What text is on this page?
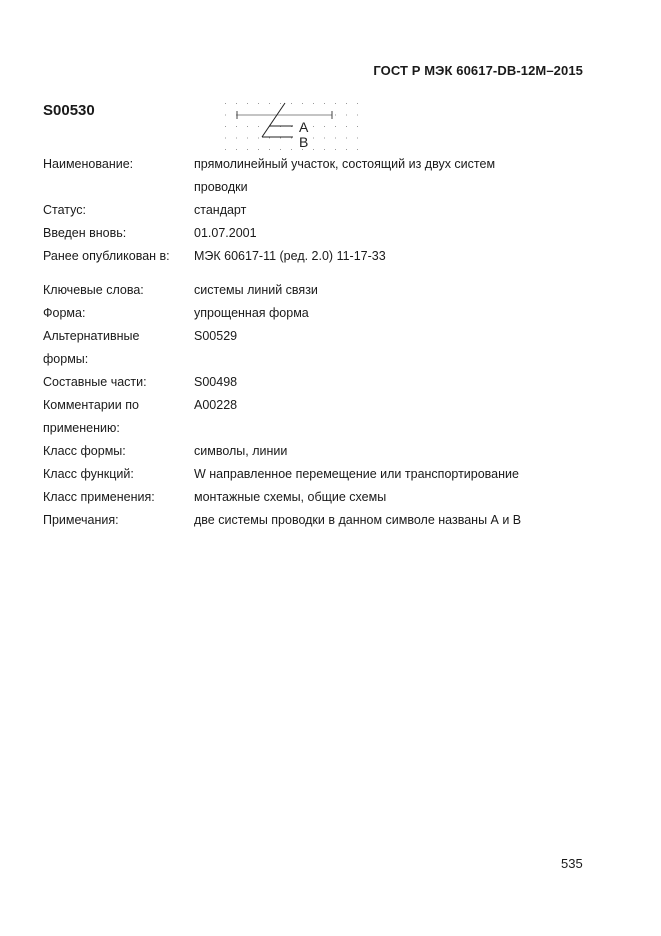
ГОСТ Р МЭК 60617-DB-12M–2015
S00530
A
B
Наименование:	прямолинейный участок, состоящий из двух систем
проводки
Статус:	стандарт
Введен вновь:	01.07.2001
Ранее опубликован в:	МЭК 60617-11 (ред. 2.0) 11-17-33
Ключевые слова:	системы линий связи
Форма:	упрощенная форма
Альтернативные	S00529
формы:
Составные части:	S00498
Комментарии по	A00228
применению:
Класс формы:	символы, линии
Класс функций:	W направленное перемещение или транспортирование
Класс применения:	монтажные схемы, общие схемы
Примечания:	две системы проводки в данном символе названы А и В
535
